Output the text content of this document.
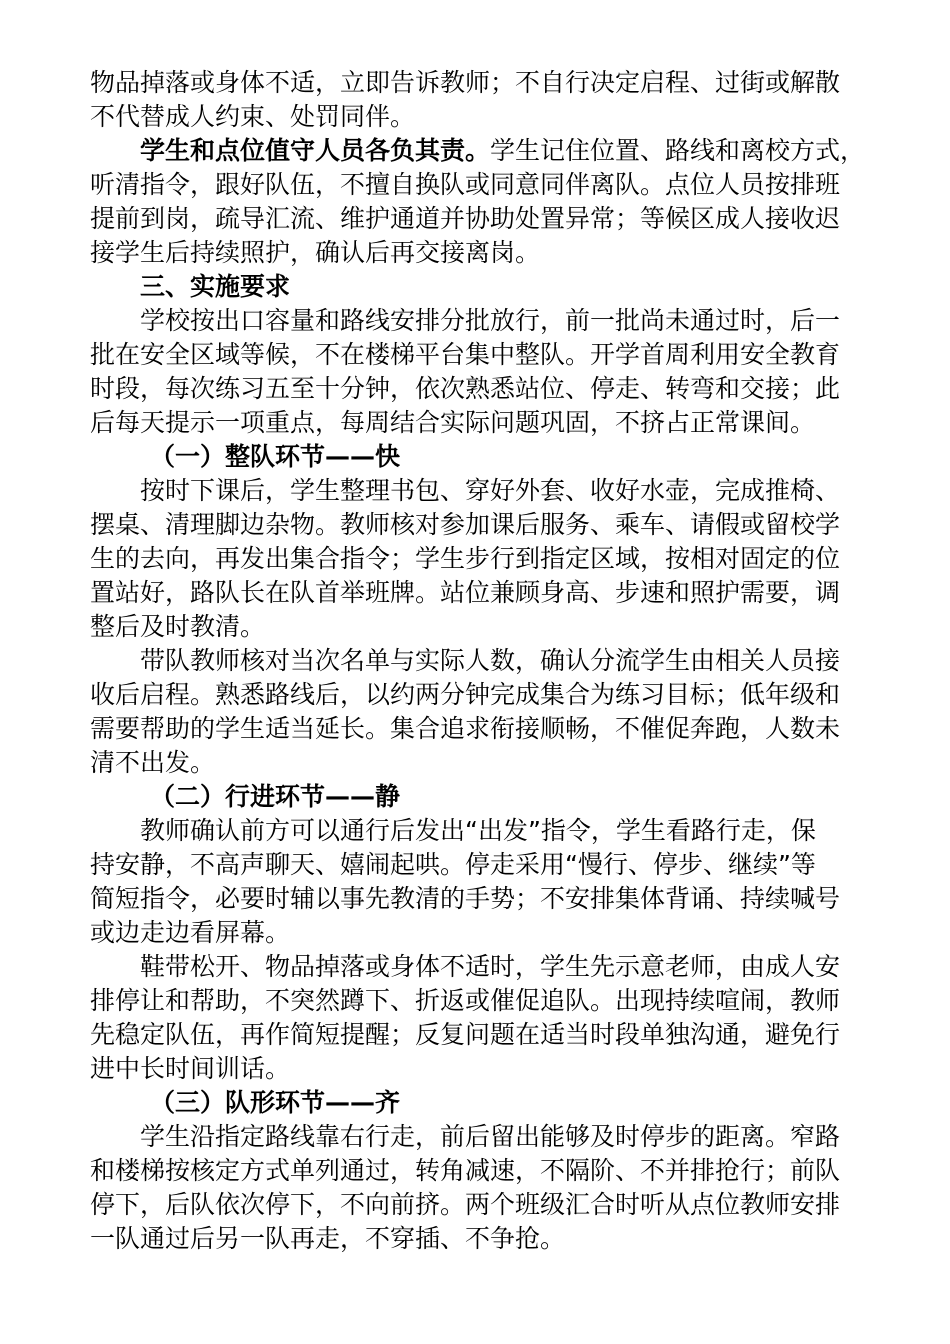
物品掉落或身体不适，立即告诉教师；不自行决定启程、过街或解散
不代替成人约束、处罚同伴。

学生和点位值守人员各负其责。学生记住位置、路线和离校方式，
听清指令，跟好队伍，不擅自换队或同意同伴离队。点位人员按排班
提前到岗，疏导汇流、维护通道并协助处置异常；等候区成人接收迟
接学生后持续照护，确认后再交接离岗。

三、实施要求

学校按出口容量和路线安排分批放行，前一批尚未通过时，后一
批在安全区域等候，不在楼梯平台集中整队。开学首周利用安全教育
时段，每次练习五至十分钟，依次熟悉站位、停走、转弯和交接；此
后每天提示一项重点，每周结合实际问题巩固，不挤占正常课间。

（一）整队环节——快

按时下课后，学生整理书包、穿好外套、收好水壶，完成推椅、
摆桌、清理脚边杂物。教师核对参加课后服务、乘车、请假或留校学
生的去向，再发出集合指令；学生步行到指定区域，按相对固定的位
置站好，路队长在队首举班牌。站位兼顾身高、步速和照护需要，调
整后及时教清。

带队教师核对当次名单与实际人数，确认分流学生由相关人员接
收后启程。熟悉路线后，以约两分钟完成集合为练习目标；低年级和
需要帮助的学生适当延长。集合追求衔接顺畅，不催促奔跑，人数未
清不出发。

（二）行进环节——静

教师确认前方可以通行后发出“出发”指令，学生看路行走，保
持安静，不高声聊天、嬉闹起哄。停走采用“慢行、停步、继续”等
简短指令，必要时辅以事先教清的手势；不安排集体背诵、持续喊号
或边走边看屏幕。

鞋带松开、物品掉落或身体不适时，学生先示意老师，由成人安
排停让和帮助，不突然蹲下、折返或催促追队。出现持续喧闹，教师
先稳定队伍，再作简短提醒；反复问题在适当时段单独沟通，避免行
进中长时间训话。

（三）队形环节——齐

学生沿指定路线靠右行走，前后留出能够及时停步的距离。窄路
和楼梯按核定方式单列通过，转角减速，不隔阶、不并排抢行；前队
停下，后队依次停下，不向前挤。两个班级汇合时听从点位教师安排
一队通过后另一队再走，不穿插、不争抢。
